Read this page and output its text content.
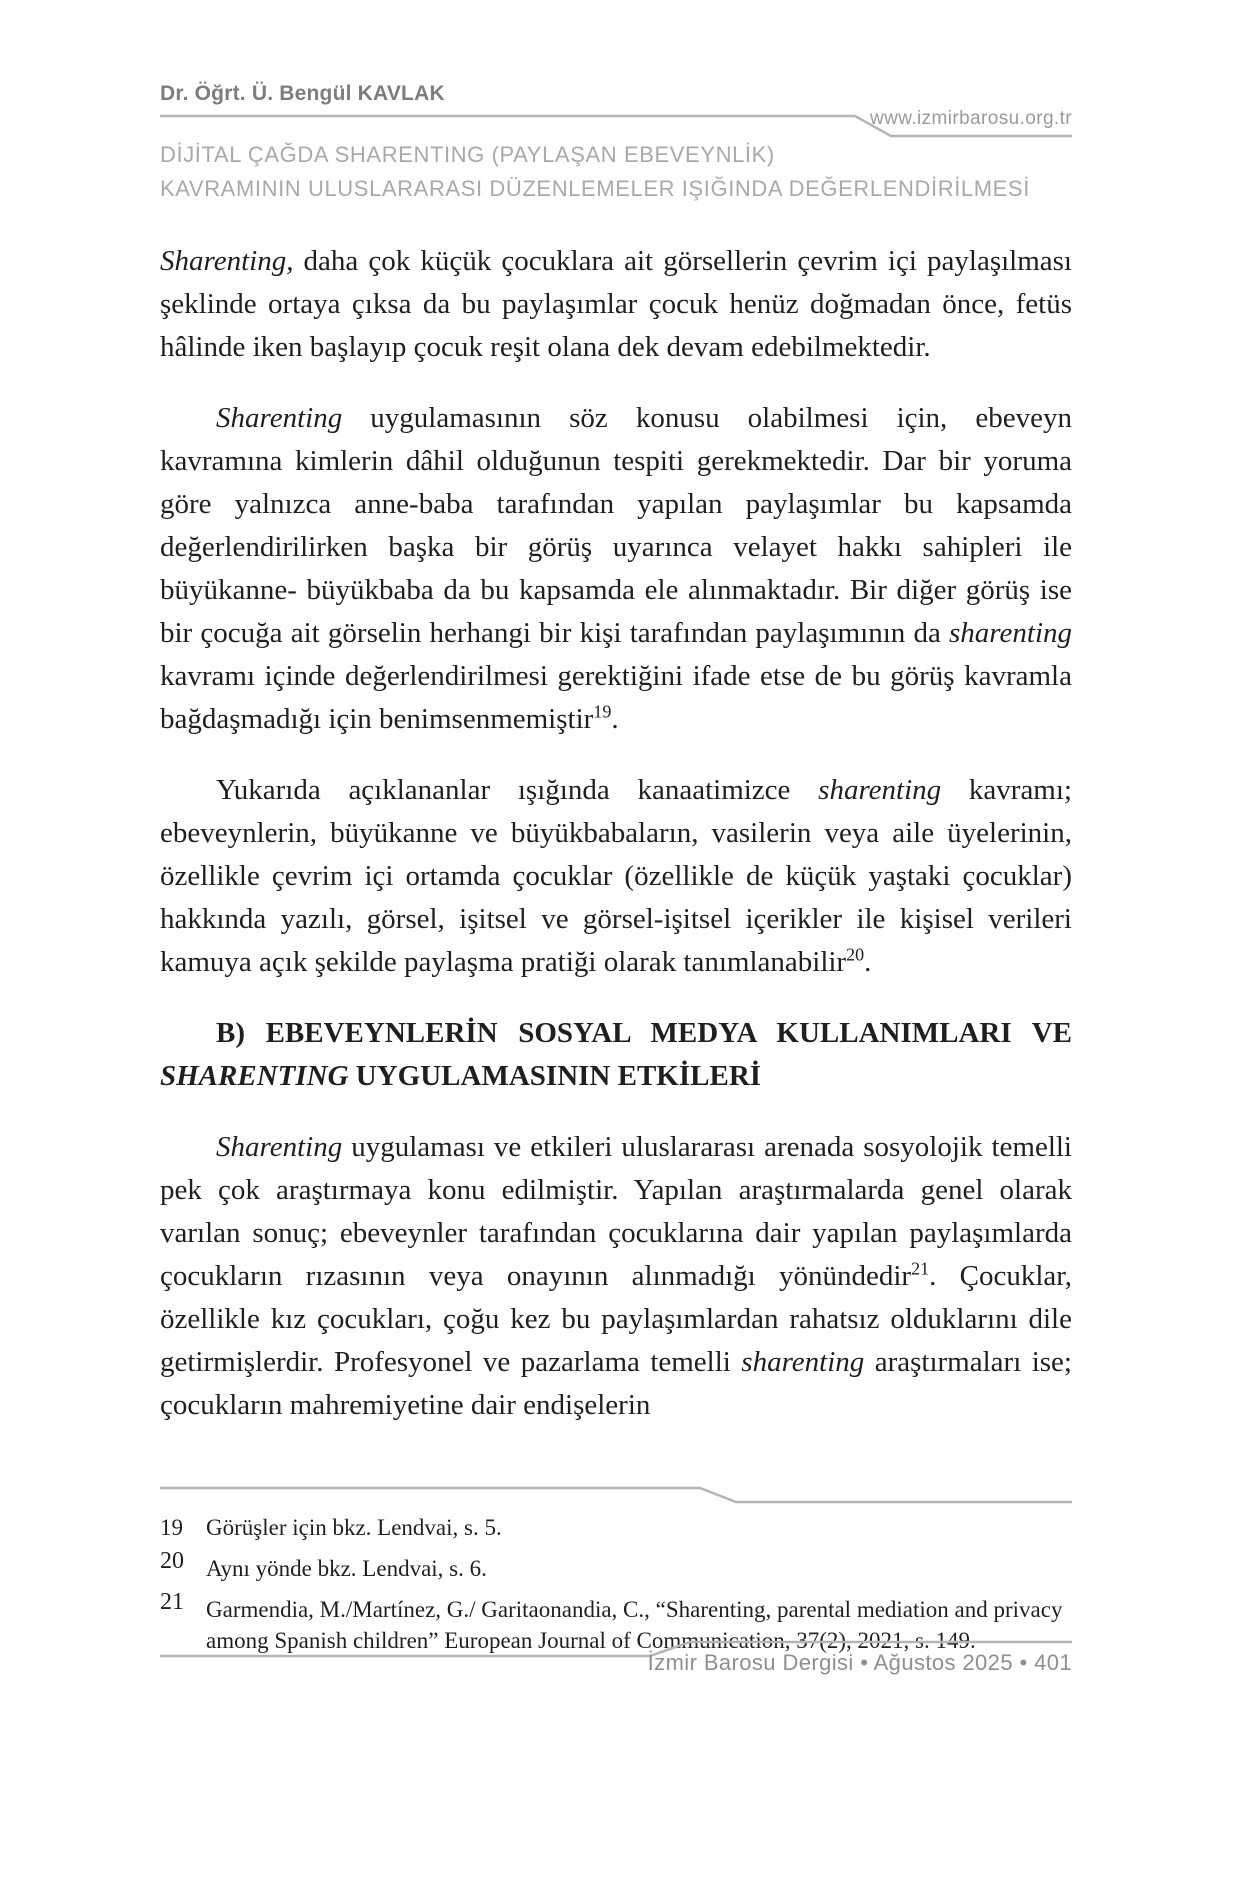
Dr. Öğrt. Ü. Bengül KAVLAK
www.izmirbarosu.org.tr
DİJİTAL ÇAĞDA SHARENTING (PAYLAŞAN EBEVEYNLİK)
KAVRAMININ ULUSLARARASI DÜZENLEMELER IŞIĞINDA DEĞERLENDİRİLMESİ

Sharenting, daha çok küçük çocuklara ait görsellerin çevrim içi paylaşılması şeklinde ortaya çıksa da bu paylaşımlar çocuk henüz doğmadan önce, fetüs hâlinde iken başlayıp çocuk reşit olana dek devam edebilmektedir.

Sharenting uygulamasının söz konusu olabilmesi için, ebeveyn kavramına kimlerin dâhil olduğunun tespiti gerekmektedir. Dar bir yoruma göre yalnızca anne-baba tarafından yapılan paylaşımlar bu kapsamda değerlendirilirken başka bir görüş uyarınca velayet hakkı sahipleri ile büyükanne- büyükbaba da bu kapsamda ele alınmaktadır. Bir diğer görüş ise bir çocuğa ait görselin herhangi bir kişi tarafından paylaşımının da sharenting kavramı içinde değerlendirilmesi gerektiğini ifade etse de bu görüş kavramla bağdaşmadığı için benimsenmemiştir$^{19}$.

Yukarıda açıklananlar ışığında kanaatimizce sharenting kavramı; ebeveynlerin, büyükanne ve büyükbabaların, vasilerin veya aile üyelerinin, özellikle çevrim içi ortamda çocuklar (özellikle de küçük yaştaki çocuklar) hakkında yazılı, görsel, işitsel ve görsel-işitsel içerikler ile kişisel verileri kamuya açık şekilde paylaşma pratiği olarak tanımlanabilir$^{20}$.

B) EBEVEYNLERİN SOSYAL MEDYA KULLANIMLARI VE SHARENTING UYGULAMASININ ETKİLERİ

Sharenting uygulaması ve etkileri uluslararası arenada sosyolojik temelli pek çok araştırmaya konu edilmiştir. Yapılan araştırmalarda genel olarak varılan sonuç; ebeveynler tarafından çocuklarına dair yapılan paylaşımlarda çocukların rızasının veya onayının alınmadığı yönündedir$^{21}$. Çocuklar, özellikle kız çocukları, çoğu kez bu paylaşımlardan rahatsız olduklarını dile getirmişlerdir. Profesyonel ve pazarlama temelli sharenting araştırmaları ise; çocukların mahremiyetine dair endişelerin

19	Görüşler için bkz. Lendvai, s. 5.
20 Aynı yönde bkz. Lendvai, s. 6.
21 Garmendia, M./Martínez, G./ Garitaonandia, C., “Sharenting, parental mediation and privacy among Spanish children” European Journal of Communication, 37(2), 2021, s. 149.
İzmir Barosu Dergisi • Ağustos 2025 • 401
